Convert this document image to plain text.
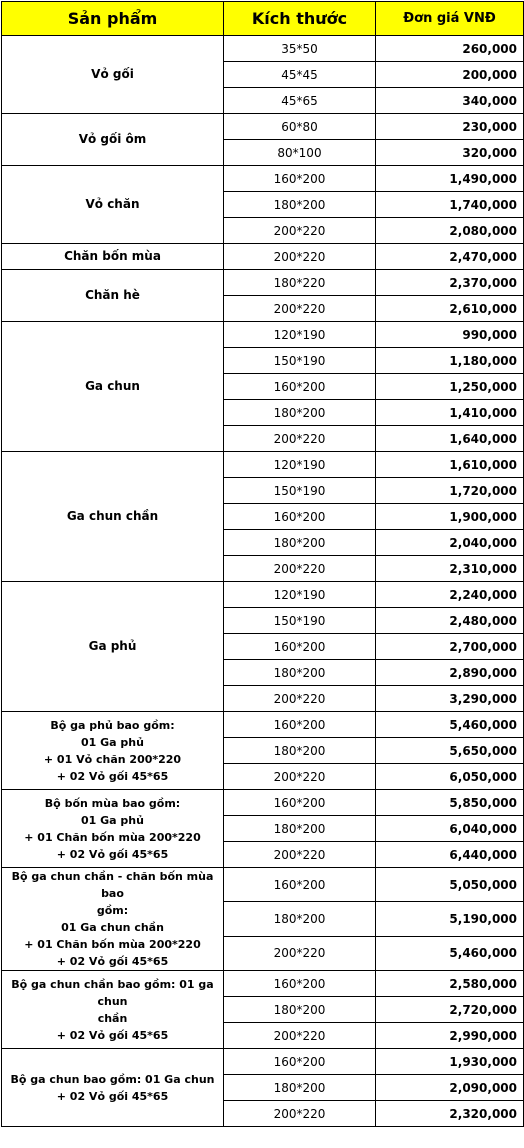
Sản phẩm	Kích thước	Đơn giá VNĐ

Vỏ gối	35*50	260,000
	45*45	200,000
	45*65	340,000

Vỏ gối ôm	60*80	230,000
	80*100	320,000

Vỏ chăn	160*200	1,490,000
	180*200	1,740,000
	200*220	2,080,000

Chăn bốn mùa	200*220	2,470,000

Chăn hè	180*220	2,370,000
	200*220	2,610,000

Ga chun	120*190	990,000
	150*190	1,180,000
	160*200	1,250,000
	180*200	1,410,000
	200*220	1,640,000

Ga chun chần	120*190	1,610,000
	150*190	1,720,000
	160*200	1,900,000
	180*200	2,040,000
	200*220	2,310,000

Ga phủ	120*190	2,240,000
	150*190	2,480,000
	160*200	2,700,000
	180*200	2,890,000
	200*220	3,290,000

Bộ ga phủ bao gồm:
01 Ga phủ
+ 01 Vỏ chăn 200*220
+ 02 Vỏ gối 45*65	160*200	5,460,000
	180*200	5,650,000
	200*220	6,050,000

Bộ bốn mùa bao gồm:
01 Ga phủ
+ 01 Chăn bốn mùa 200*220
+ 02 Vỏ gối 45*65	160*200	5,850,000
	180*200	6,040,000
	200*220	6,440,000

Bộ ga chun chần - chăn bốn mùa bao
gồm:
01 Ga chun chần
+ 01 Chăn bốn mùa 200*220
+ 02 Vỏ gối 45*65	160*200	5,050,000
	180*200	5,190,000
	200*220	5,460,000

Bộ ga chun chần bao gồm: 01 ga chun
chần
+ 02 Vỏ gối 45*65	160*200	2,580,000
	180*200	2,720,000
	200*220	2,990,000

Bộ ga chun bao gồm: 01 Ga chun
+ 02 Vỏ gối 45*65	160*200	1,930,000
	180*200	2,090,000
	200*220	2,320,000
